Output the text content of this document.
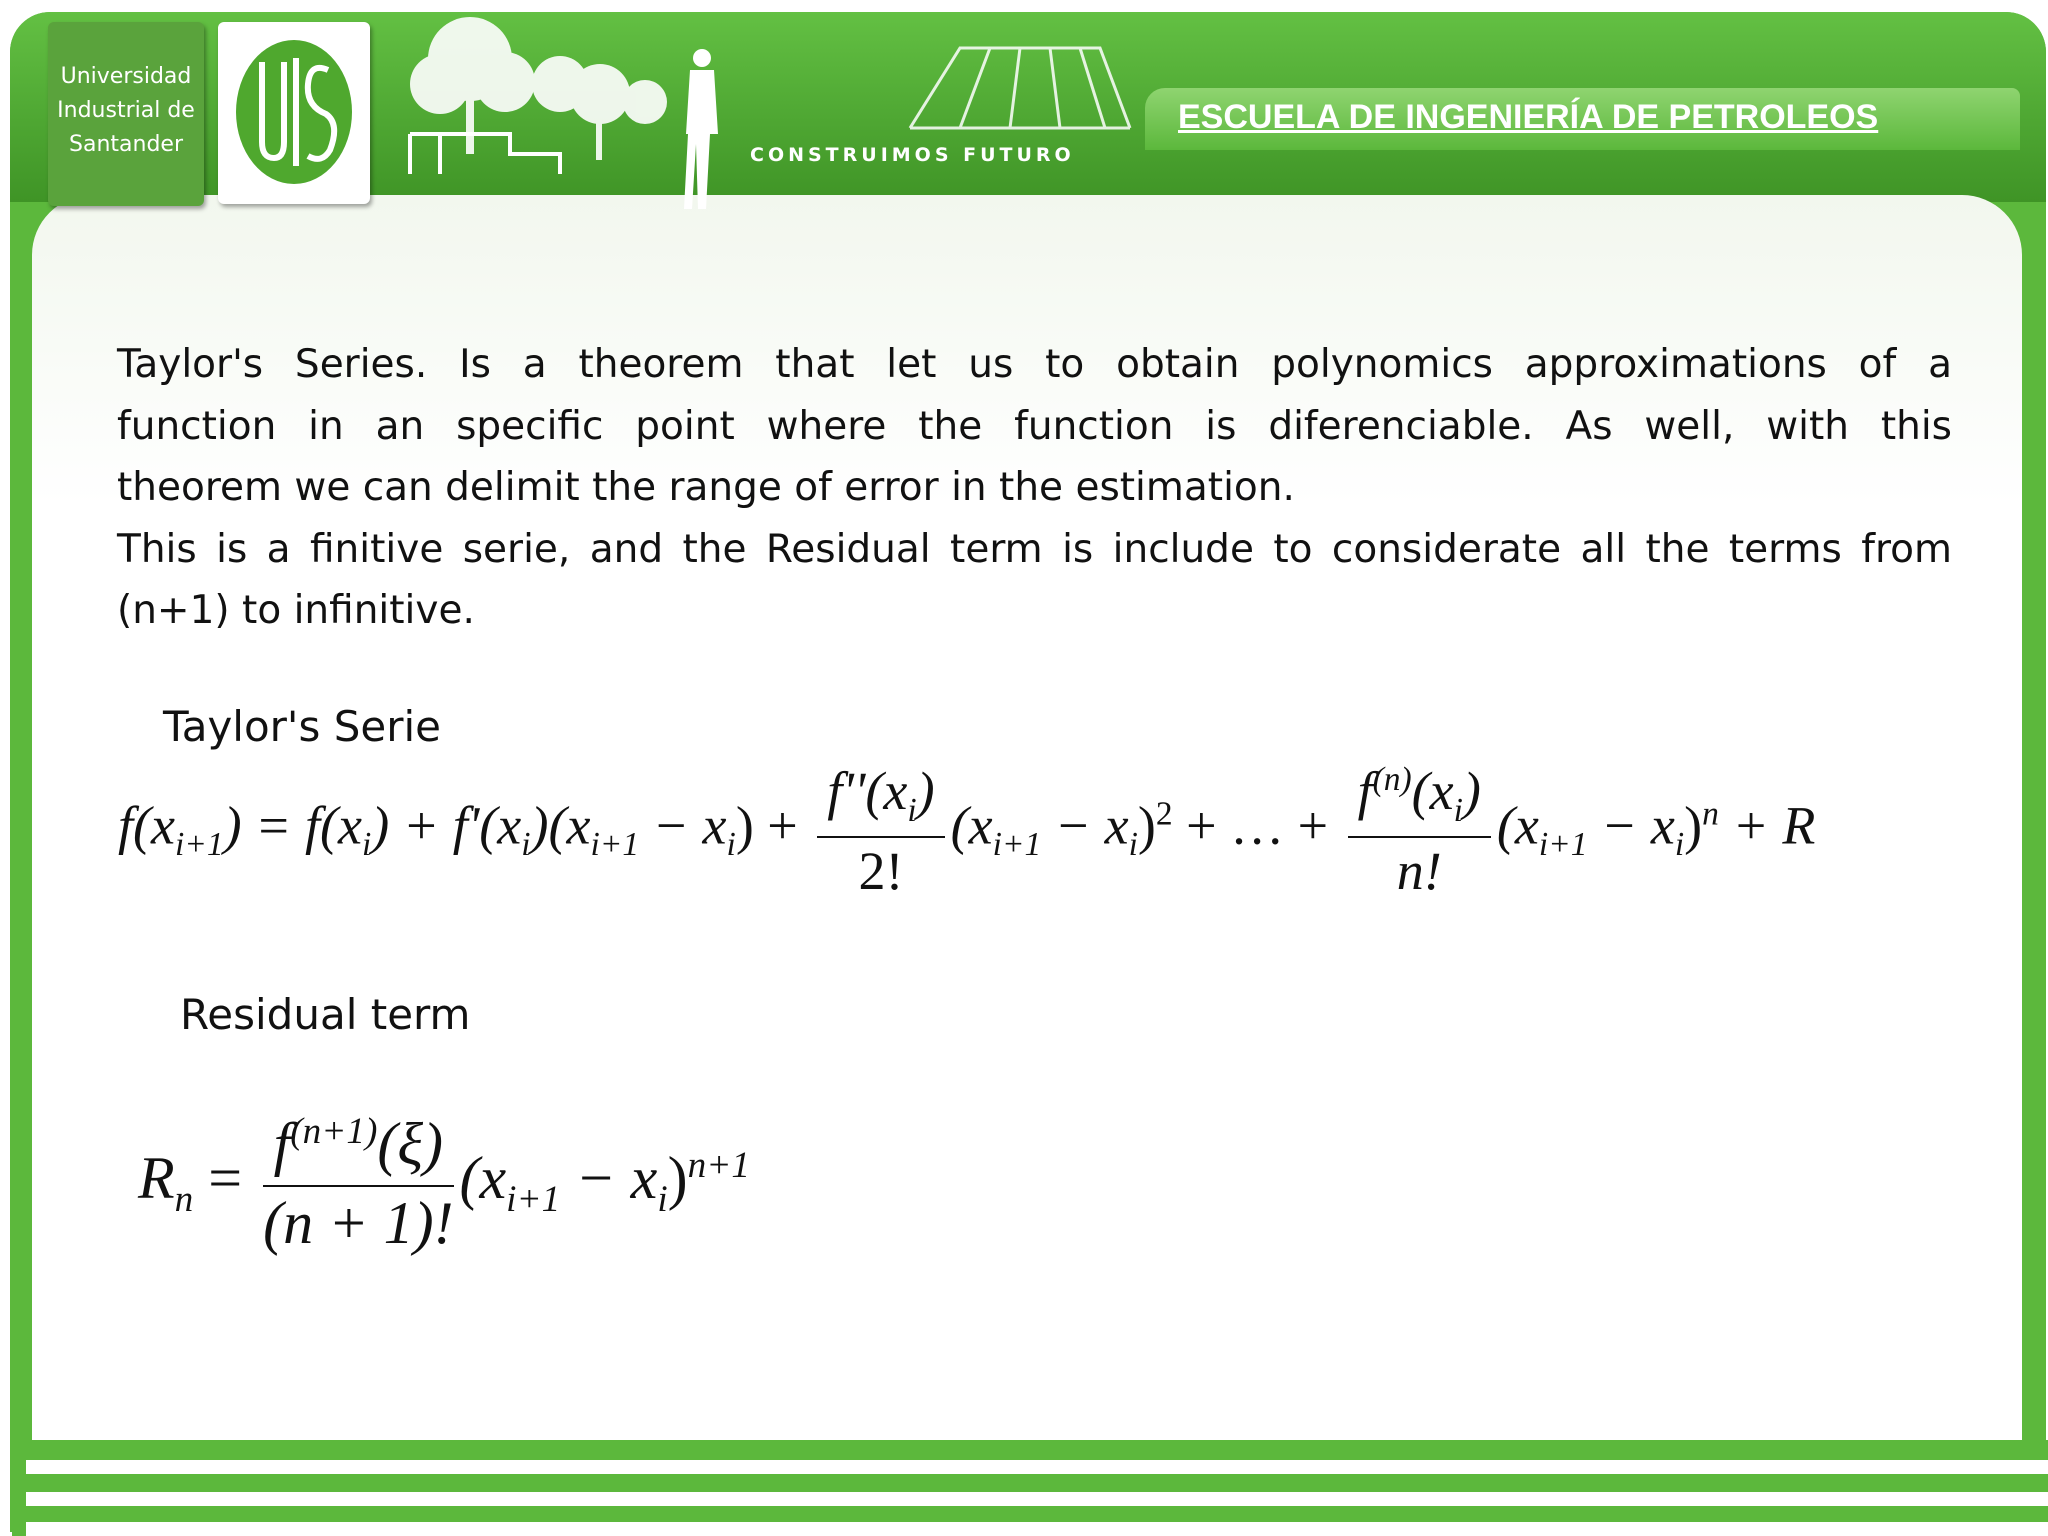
Universidad
Industrial de
Santander	CONSTRUIMOS FUTURO
ESCUELA DE INGENIERÍA DE PETROLEOS
Taylor's Series. Is a theorem that let us to obtain polynomics approximations of a
function in an specific point where the function is diferenciable. As well, with this
theorem we can delimit the range of error in the estimation.
This is a finitive serie, and the Residual term is include to considerate all the terms from
(n+1) to infinitive.
Taylor's Serie
$f(x_{i+1}) = f(x_i) + f'(x_i)(x_{i+1} - x_i) + \frac{f''(x_i)}{2!} (x_{i+1} - x_i)^2$ + … + $\frac{f^{(n)}(x_i)}{n!} (x_{i+1} - x_i)^n + R$
Residual term
$R_n = \frac{f^{(n+1)}(\xi)}{(n + 1)!} (x_{i+1} - x_i)^{n+1}$
